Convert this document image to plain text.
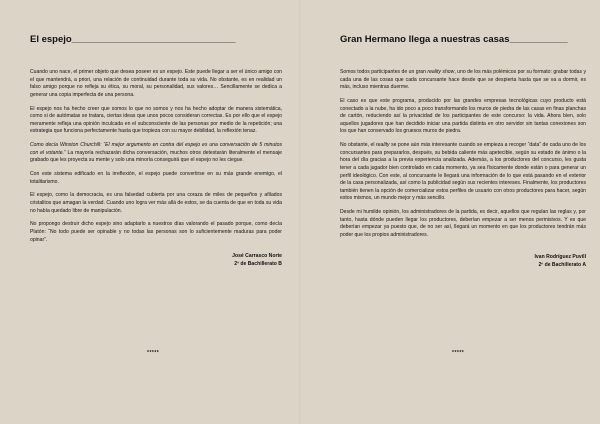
El espejo_______________________________

Cuando uno nace, el primer objeto que desea poseer es un espejo. Este puede llegar a ser el único amigo con el que mantendrá, a priori, una relación de continuidad durante toda su vida. No obstante, es en realidad un falso amigo porque no refleja su ética, su moral, su personalidad, sus valores… Sencillamente se dedica a generar una copia imperfecta de una persona.

El espejo nos ha hecho creer que somos lo que no somos y nos ha hecho adoptar de manera sistemática, como si de autómatas se tratara, ciertas ideas que unos pocos consideran correctas. Es por ello que el espejo meramente refleja una opinión inculcada en el subconsciente de las personas por medio de la repetición; una estrategia que funciona perfectamente hasta que tropieza con su mayor debilidad, la reflexión tenaz.

Como decía Winston Churchill: “El mejor argumento en contra del espejo es una conversación de 5 minutos con el votante.” La mayoría rechazarán dicha conversación, muchos otros detestarán literalmente el mensaje grabado que les proyecta su mente y solo una minoría conseguirá que el espejo no les ciegue.

Con este sistema edificado en la irreflexión, el espejo puede convertirse en su más grande enemigo, el totalitarismo.

El espejo, como la democracia, es una falsedad cubierta por una coraza de miles de pequeños y afilados cristalitos que amagan la verdad. Cuando uno logra ver más allá de estos, se da cuenta de que en toda su vida no había quedado libre de manipulación.

No propongo destruir dicho espejo sino adaptarlo a nuestros días valorando el pasado porque, como decía Platón: “No todo puede ser opinable y no todas las personas son lo suficientemente maduras para poder opinar”.

José Carrasco Norte
2º de Bachillerato B
*****
Gran Hermano llega a nuestras casas___________

Somos todos participantes de un gran reality show, uno de los más polémicos por su formato: grabar todas y cada una de las cosas que cada concursante hace desde que se despierta hasta que se va a dormir, es más, incluso mientras duerme.

El caso es que este programa, producido por las grandes empresas tecnológicas cuyo producto está conectado a la nube, ha ido poco a poco transformando los muros de piedra de las casas en finas planchas de cartón, reduciendo así la privacidad de los participantes de este concurso: la vida. Ahora bien, solo aquellos jugadores que han decidido iniciar una partida distinta en otro servidor sin tantas conexiones son los que han conservado los gruesos muros de piedra.

No obstante, el reality se pone aún más interesante cuando se empieza a recoger “data” de cada uno de los concursantes para prepararlos, después, su bebida caliente más apetecible, según su estado de ánimo o la hora del día gracias a la previa experiencia analizada. Además, a los productores del concurso, les gusta tener a cada jugador bien controlado en cada momento, ya sea físicamente donde están o para generar un perfil ideológico. Con este, al concursante le llegará una información de lo que está pasando en el exterior de la casa personalizada, así como la publicidad según sus recientes intereses. Finalmente, los productores también tienen la opción de comercializar estos perfiles de usuario con otros productores para hacer, según estos mismos, un mundo mejor y más sencillo.

Desde mi humilde opinión, los administradores de la partida, es decir, aquellos que regulan las reglas y, por tanto, hasta dónde pueden llegar los productores, deberían empezar a ser menos permisivos. Y es que deberían empezar ya puesto que, de no ser así, llegará un momento en que los productores tendrán más poder que los propios administradores.

Ivan Rodríguez Puvill
2º de Bachillerato A
*****
